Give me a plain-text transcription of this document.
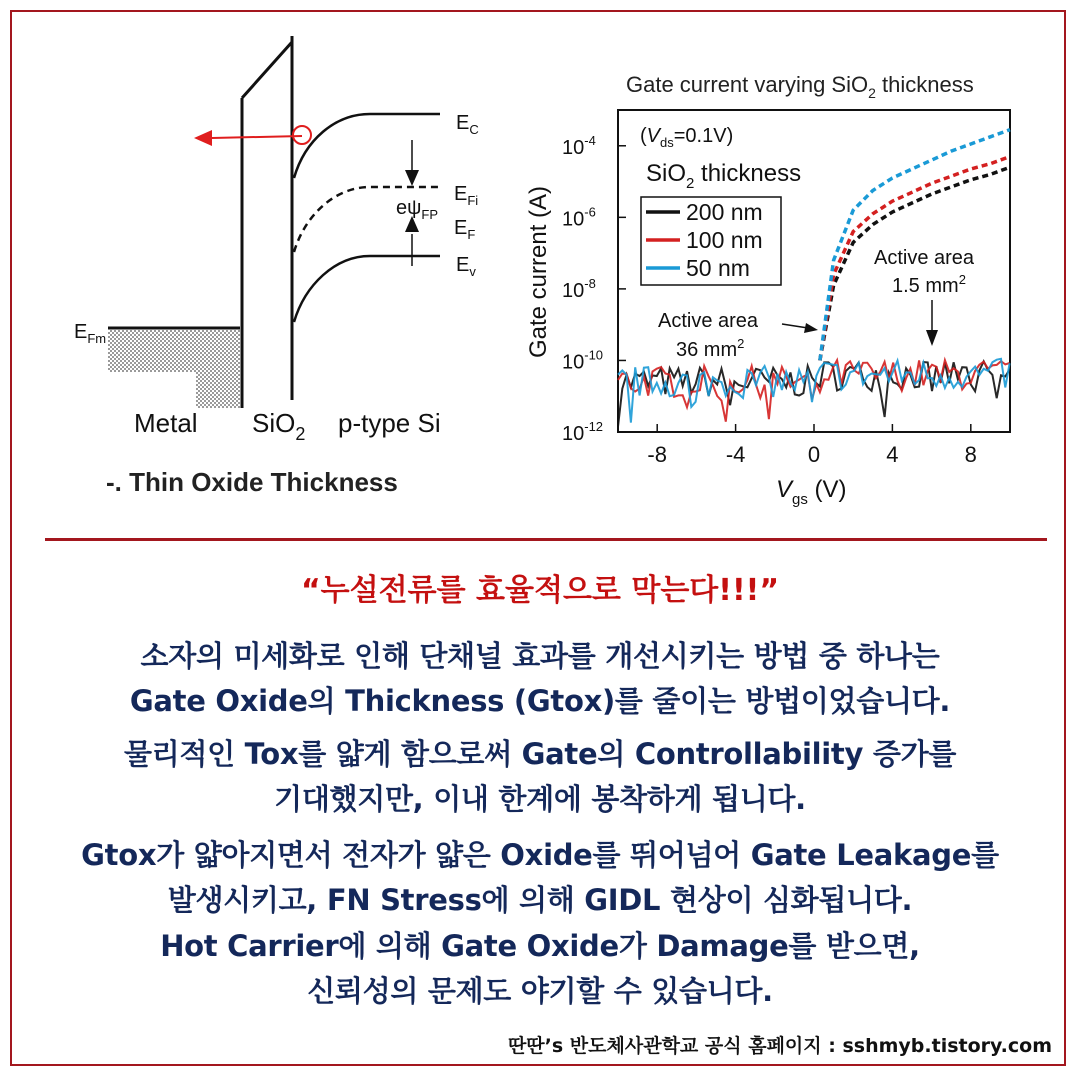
$E_C$
$E_{Fi}$
$E_F$
$E_v$
$e\psi_{FP}$
$E_{Fm}$
Metal SiO$_2$ p-type Si
-. Thin Oxide Thickness
Gate current varying SiO$_2$ thickness
Gate current (A)
$V_{gs}$ (V)
$(V_{ds}=0.1V)$
SiO$_2$ thickness
Active area
36 $mm^2$
Active area
1.5 $mm^2$
-8	-4	0	4	8
$10^{-4}$
$10^{-6}$
$10^{-8}$
$10^{-10}$
$10^{-12}$
200 nm
100 nm
50 nm
“누설전류를 효율적으로 막는다!!!”
소자의 미세화로 인해 단채널 효과를 개선시키는 방법 중 하나는
Gate Oxide의 Thickness (Gtox)를 줄이는 방법이었습니다.
물리적인 Tox를 얇게 함으로써 Gate의 Controllability 증가를
기대했지만, 이내 한계에 봉착하게 됩니다.
Gtox가 얇아지면서 전자가 얇은 Oxide를 뛰어넘어 Gate Leakage를
발생시키고, FN Stress에 의해 GIDL 현상이 심화됩니다.
Hot Carrier에 의해 Gate Oxide가 Damage를 받으면,
신뢰성의 문제도 야기할 수 있습니다.
딴딴’s 반도체사관학교 공식 홈페이지 : sshmyb.tistory.com
